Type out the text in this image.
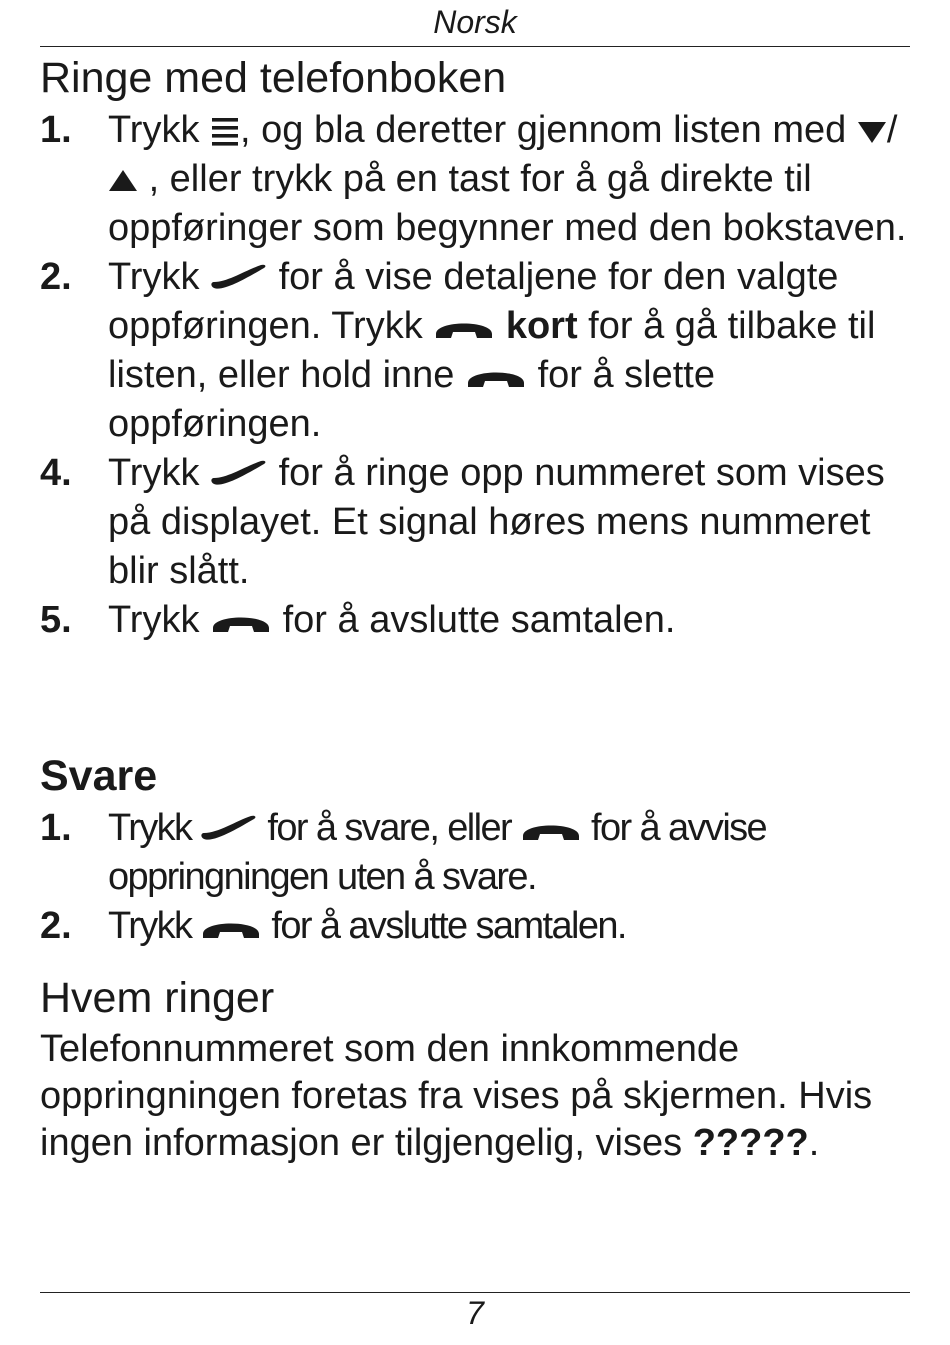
Norsk
Ringe med telefonboken
1. Trykk , og bla deretter gjennom listen med /
, eller trykk på en tast for å gå direkte til oppføringer som begynner med den bokstaven.
2. Trykk for å vise detaljene for den valgte oppføringen. Trykk kort for å gå tilbake til listen, eller hold inne for å slette oppføringen.
4. Trykk for å ringe opp nummeret som vises på displayet. Et signal høres mens nummeret blir slått.
5. Trykk for å avslutte samtalen.
Svare
1. Trykk for å svare, eller for å avvise oppringningen uten å svare.
2. Trykk for å avslutte samtalen.
Hvem ringer

Telefonnummeret som den innkommende oppringningen foretas fra vises på skjermen. Hvis ingen informasjon er tilgjengelig, vises ?????.

7
